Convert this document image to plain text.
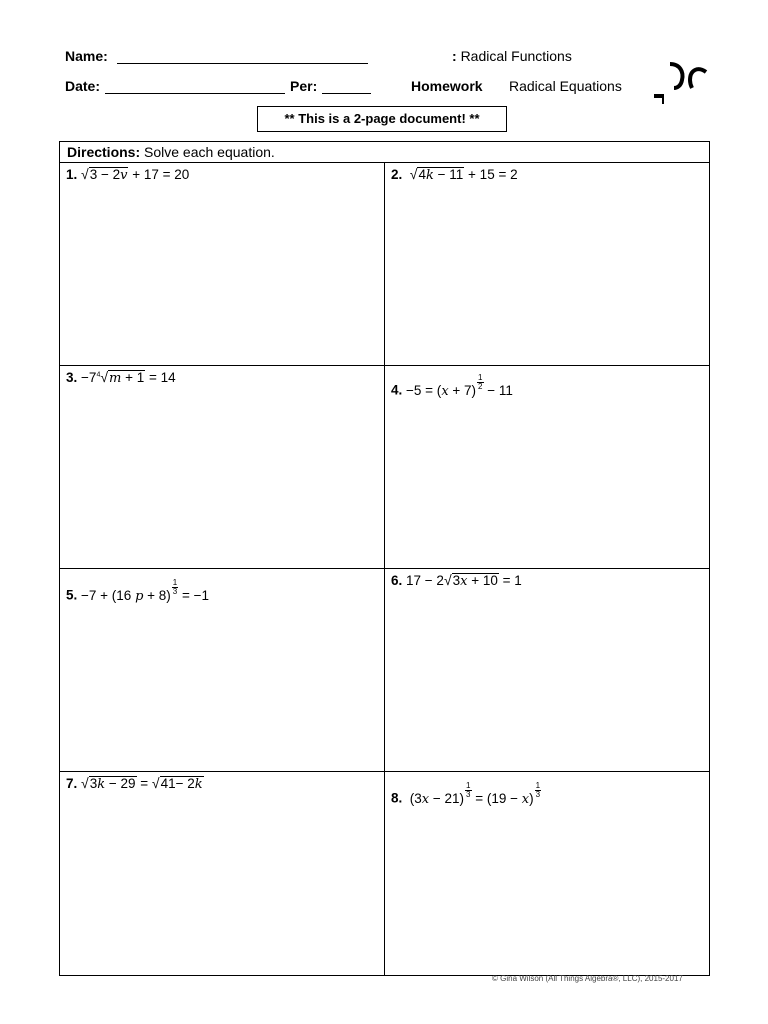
Name:
Date:	Per:
: Radical Functions
Homework Radical Equations
** This is a 2-page document! **
Directions: Solve each equation.
1. √3 − 2v + 17 = 20	2. √4k − 11 + 15 = 2
3. $-7^4√m + 1 = 14$
4. $-5 = (x + 7) \frac{1}{2} - 11$
5. −7 + (16 $p + 8) \frac{1}{3} = -1$
6. 17 − 2√3x + 10 = 1
7. √3k − 29 = √41− 2k
8.  $(3x - 21) \frac{1}{3} = (19 - x) \frac{1}{3}$
© Gina Wilson (All Things Algebra®, LLC), 2015-2017
